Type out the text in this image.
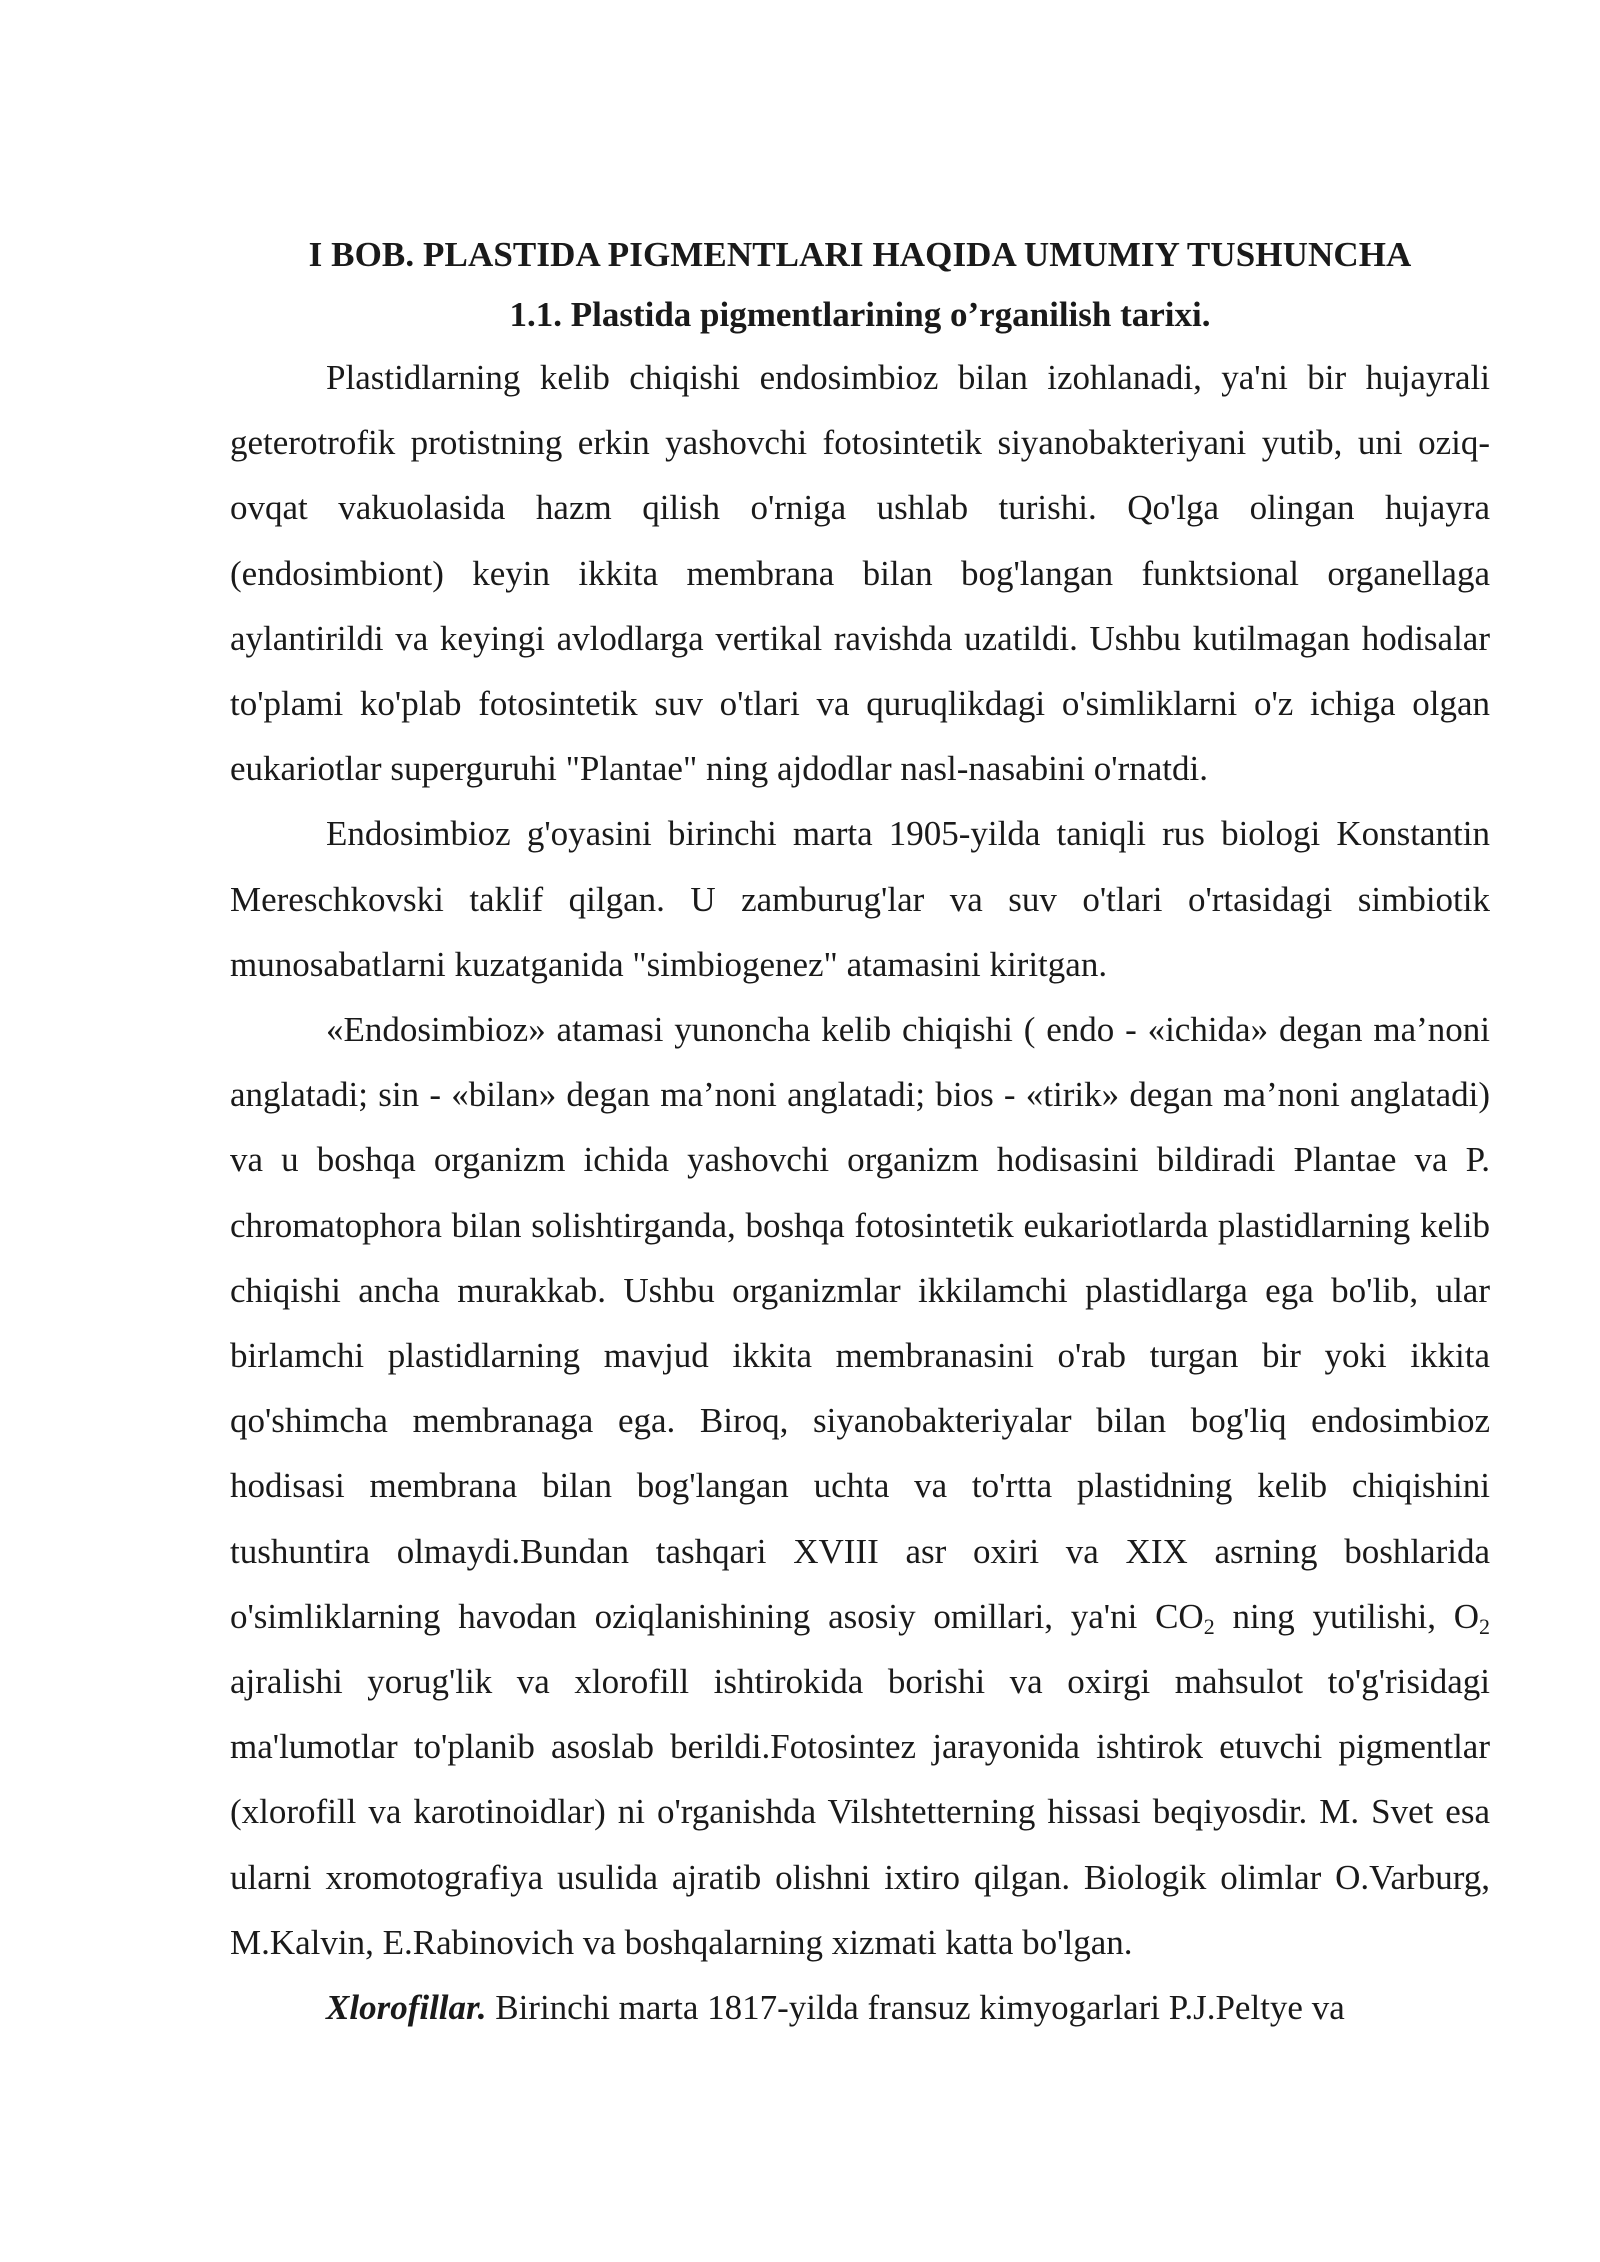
I BOB. PLASTIDA PIGMENTLARI HAQIDA UMUMIY TUSHUNCHA

1.1. Plastida pigmentlarining o’rganilish tarixi.

Plastidlarning kelib chiqishi endosimbioz bilan izohlanadi, ya'ni bir hujayrali geterotrofik protistning erkin yashovchi fotosintetik siyanobakteriyani yutib, uni oziq-ovqat vakuolasida hazm qilish o'rniga ushlab turishi. Qo'lga olingan hujayra (endosimbiont) keyin ikkita membrana bilan bog'langan funktsional organellaga aylantirildi va keyingi avlodlarga vertikal ravishda uzatildi. Ushbu kutilmagan hodisalar to'plami ko'plab fotosintetik suv o'tlari va quruqlikdagi o'simliklarni o'z ichiga olgan eukariotlar superguruhi "Plantae" ning ajdodlar nasl-nasabini o'rnatdi.

Endosimbioz g'oyasini birinchi marta 1905-yilda taniqli rus biologi Konstantin Mereschkovski taklif qilgan. U zamburug'lar va suv o'tlari o'rtasidagi simbiotik munosabatlarni kuzatganida "simbiogenez" atamasini kiritgan.

«Endosimbioz» atamasi yunoncha kelib chiqishi ( endo - «ichida» degan ma’noni anglatadi; sin - «bilan» degan ma’noni anglatadi; bios - «tirik» degan ma’noni anglatadi) va u boshqa organizm ichida yashovchi organizm hodisasini bildiradi Plantae va P. chromatophora bilan solishtirganda, boshqa fotosintetik eukariotlarda plastidlarning kelib chiqishi ancha murakkab. Ushbu organizmlar ikkilamchi plastidlarga ega bo'lib, ular birlamchi plastidlarning mavjud ikkita membranasini o'rab turgan bir yoki ikkita qo'shimcha membranaga ega. Biroq, siyanobakteriyalar bilan bog'liq endosimbioz hodisasi membrana bilan bog'langan uchta va to'rtta plastidning kelib chiqishini tushuntira olmaydi.Bundan tashqari XVIII asr oxiri va XIX asrning boshlarida o'simliklarning havodan oziqlanishining asosiy omillari, ya'ni $CO_2$ ning yutilishi, $O_2$ ajralishi yorug'lik va xlorofill ishtirokida borishi va oxirgi mahsulot to'g'risidagi ma'lumotlar to'planib asoslab berildi.Fotosintez jarayonida ishtirok etuvchi pigmentlar (xlorofill va karotinoidlar) ni o'rganishda Vilshtetterning hissasi beqiyosdir. M. Svet esa ularni xromotografiya usulida ajratib olishni ixtiro qilgan. Biologik olimlar O.Varburg, M.Kalvin, E.Rabinovich va boshqalarning xizmati katta bo'lgan.

Xlorofillar. Birinchi marta 1817-yilda fransuz kimyogarlari P.J.Peltye va
